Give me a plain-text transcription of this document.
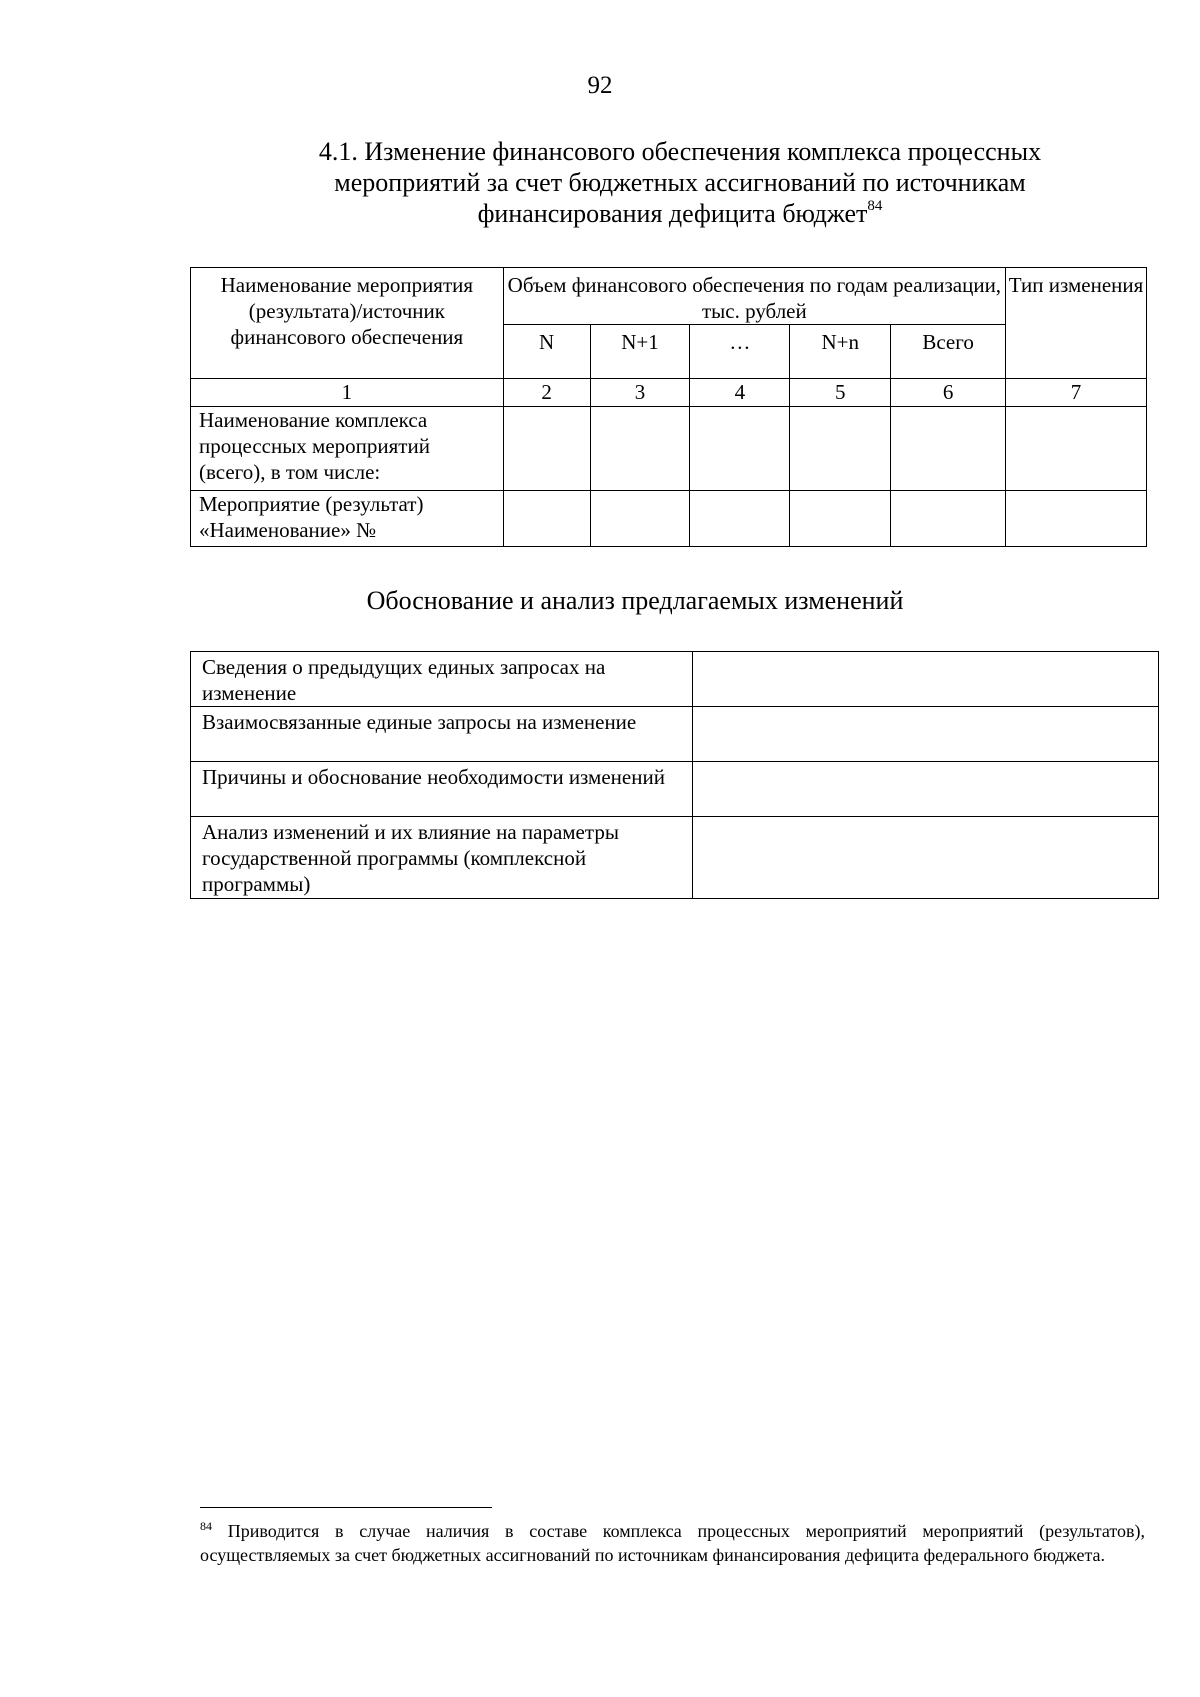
92
4.1. Изменение финансового обеспечения комплекса процессных
мероприятий за счет бюджетных ассигнований по источникам
финансирования дефицита бюджет$^{84}$
Наименование мероприятия (результата)/источник финансового обеспечения	Объем финансового обеспечения по годам реализации, тыс. рублей					Тип изменения

	N	N+1	…	N+n	Всего	

1	2	3	4	5	6	7
Наименование комплекса процессных мероприятий (всего), в том числе:						
Мероприятие (результат) «Наименование» №						
Обоснование и анализ предлагаемых изменений
Сведения о предыдущих единых запросах на изменение	
Взаимосвязанные единые запросы на изменение	
Причины и обоснование необходимости изменений	
Анализ изменений и их влияние на параметры государственной программы (комплексной программы)	
$^{84}$ Приводится в случае наличия в составе комплекса процессных мероприятий мероприятий (результатов), осуществляемых за счет бюджетных ассигнований по источникам финансирования дефицита федерального бюджета.
